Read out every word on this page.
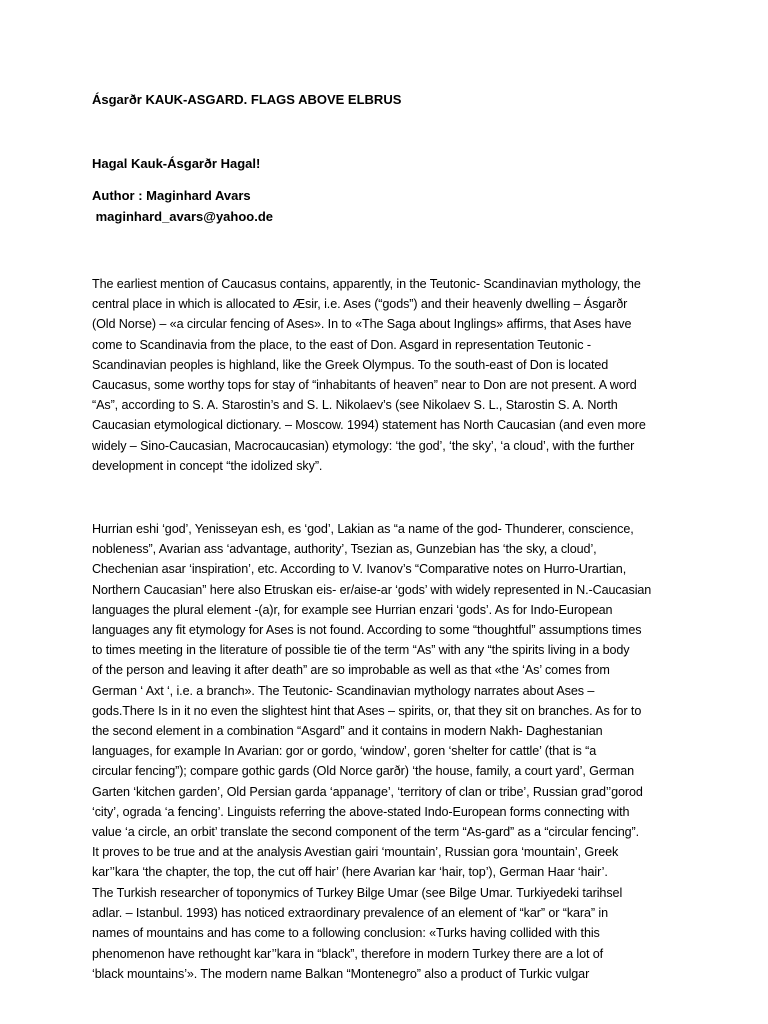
Ásgarðr KAUK-ASGARD. FLAGS ABOVE ELBRUS
Hagal Kauk-Ásgarðr Hagal!
Author : Maginhard Avars
maginhard_avars@yahoo.de
The earliest mention of Caucasus contains, apparently, in the Teutonic- Scandinavian mythology, the
central place in which is allocated to Æsir, i.e. Ases (“gods”) and their heavenly dwelling – Ásgarðr
(Old Norse) – «a circular fencing of Ases». In to «The Saga about Inglings» affirms, that Ases have
come to Scandinavia from the place, to the east of Don. Asgard in representation Teutonic -
Scandinavian peoples is highland, like the Greek Olympus. To the south-east of Don is located
Caucasus, some worthy tops for stay of “inhabitants of heaven” near to Don are not present. A word
“As”, according to S. A. Starostin’s and S. L. Nikolaev’s (see Nikolaev S. L., Starostin S. A. North
Caucasian etymological dictionary. – Moscow. 1994) statement has North Caucasian (and even more
widely – Sino-Caucasian, Macrocaucasian) etymology: ‘the god’, ‘the sky’, ‘a cloud’, with the further
development in concept “the idolized sky”.
Hurrian eshi ‘god’, Yenisseyan esh, es ‘god’, Lakian as “a name of the god- Thunderer, conscience,
nobleness”, Avarian ass ‘advantage, authority’, Tsezian as, Gunzebian has ‘the sky, a cloud’,
Chechenian asar ‘inspiration’, etc. According to V. Ivanov’s “Comparative notes on Hurro-Urartian,
Northern Caucasian” here also Etruskan eis- er/aise-ar ‘gods’ with widely represented in N.-Caucasian
languages the plural element -(a)r, for example see Hurrian enzari ‘gods’. As for Indo-European
languages any fit etymology for Ases is not found. According to some “thoughtful” assumptions times
to times meeting in the literature of possible tie of the term “As” with any “the spirits living in a body
of the person and leaving it after death” are so improbable as well as that «the ‘As’ comes from
German ‘ Axt ‘, i.e. a branch». The Teutonic- Scandinavian mythology narrates about Ases –
gods.There Is in it no even the slightest hint that Ases – spirits, or, that they sit on branches. As for to
the second element in a combination “Asgard” and it contains in modern Nakh- Daghestanian
languages, for example In Avarian: gor or gordo, ‘window’, goren ‘shelter for cattle’ (that is “a
circular fencing”); compare gothic gards (Old Norce garðr) ‘the house, family, a court yard’, German
Garten ‘kitchen garden’, Old Persian garda ‘appanage’, ‘territory of clan or tribe’, Russian grad’’gorod
‘city’, ograda ‘a fencing’. Linguists referring the above-stated Indo-European forms connecting with
value ‘a circle, an orbit’ translate the second component of the term “As-gard” as a “circular fencing”.
It proves to be true and at the analysis Avestian gairi ‘mountain’, Russian gora ‘mountain’, Greek
kar’’kara ‘the chapter, the top, the cut off hair’ (here Avarian kar ‘hair, top’), German Haar ‘hair’.
The Turkish researcher of toponymics of Turkey Bilge Umar (see Bilge Umar. Turkiyedeki tarihsel
adlar. – Istanbul. 1993) has noticed extraordinary prevalence of an element of “kar” or “kara” in
names of mountains and has come to a following conclusion: «Turks having collided with this
phenomenon have rethought kar’’kara in “black”, therefore in modern Turkey there are a lot of
‘black mountains’». The modern name Balkan “Montenegro” also a product of Turkic vulgar
